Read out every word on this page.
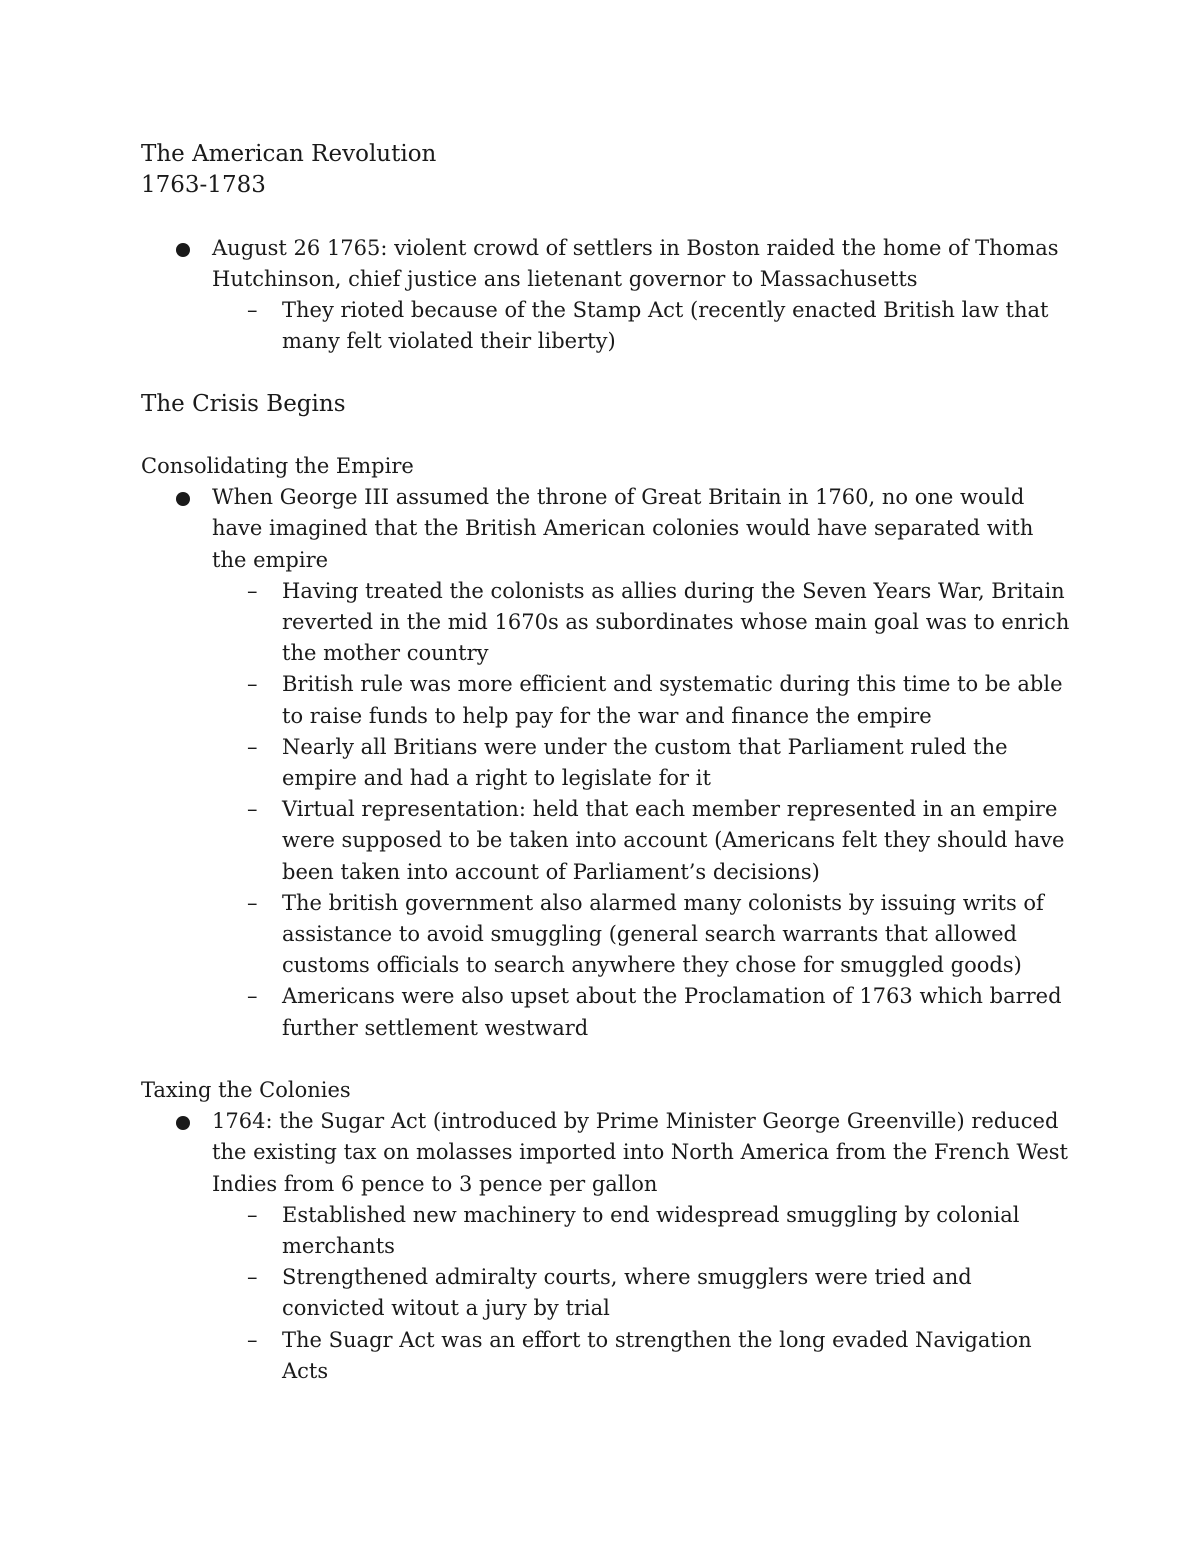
The American Revolution

1763-1783

August 26 1765: violent crowd of settlers in Boston raided the home of Thomas Hutchinson, chief justice ans lietenant governor to Massachusetts
– They rioted because of the Stamp Act (recently enacted British law that many felt violated their liberty)

The Crisis Begins

Consolidating the Empire

When George III assumed the throne of Great Britain in 1760, no one would have imagined that the British American colonies would have separated with the empire
– Having treated the colonists as allies during the Seven Years War, Britain reverted in the mid 1670s as subordinates whose main goal was to enrich the mother country
– British rule was more efficient and systematic during this time to be able to raise funds to help pay for the war and finance the empire
– Nearly all Britians were under the custom that Parliament ruled the empire and had a right to legislate for it
– Virtual representation: held that each member represented in an empire were supposed to be taken into account (Americans felt they should have been taken into account of Parliament’s decisions)
– The british government also alarmed many colonists by issuing writs of assistance to avoid smuggling (general search warrants that allowed customs officials to search anywhere they chose for smuggled goods)
– Americans were also upset about the Proclamation of 1763 which barred further settlement westward

Taxing the Colonies

1764: the Sugar Act (introduced by Prime Minister George Greenville) reduced the existing tax on molasses imported into North America from the French West Indies from 6 pence to 3 pence per gallon
– Established new machinery to end widespread smuggling by colonial merchants
– Strengthened admiralty courts, where smugglers were tried and convicted witout a jury by trial
– The Suagr Act was an effort to strengthen the long evaded Navigation Acts
